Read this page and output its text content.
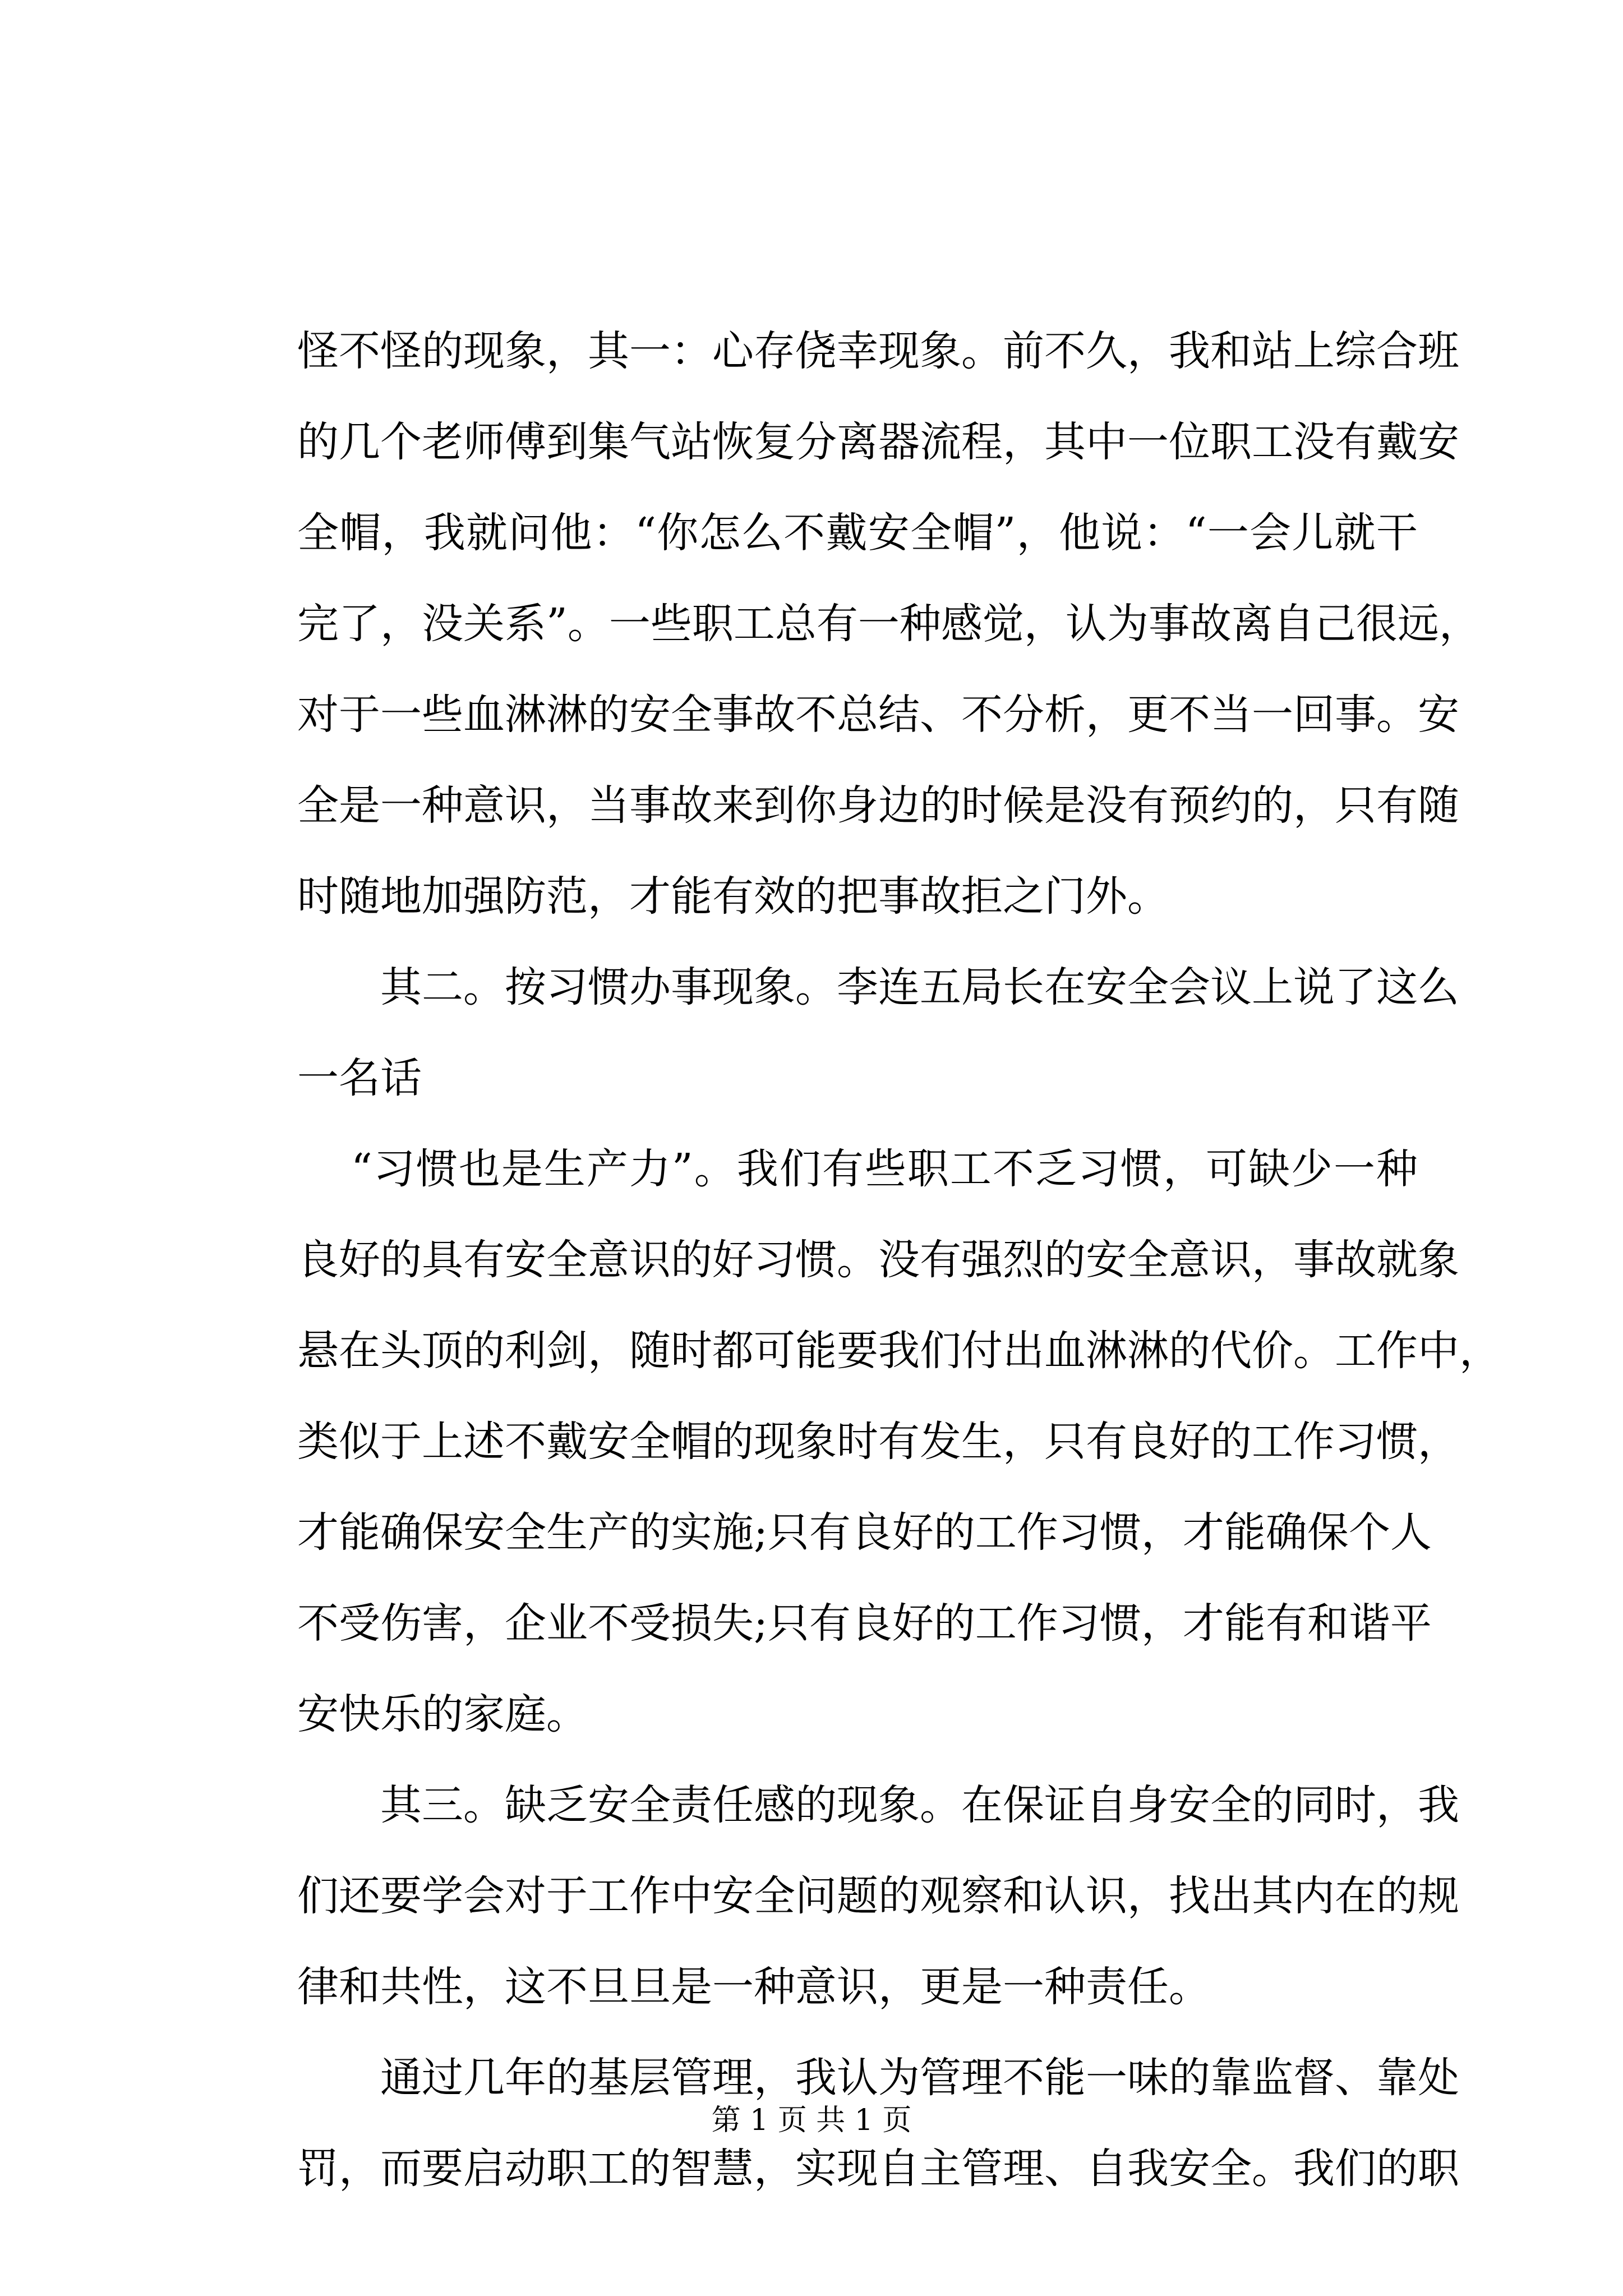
怪不怪的现象，其一：心存侥幸现象。前不久，我和站上综合班
的几个老师傅到集气站恢复分离器流程，其中一位职工没有戴安
全帽，我就问他：“你怎么不戴安全帽”，他说：“一会儿就干
完了，没关系”。一些职工总有一种感觉，认为事故离自己很远，
对于一些血淋淋的安全事故不总结、不分析，更不当一回事。安
全是一种意识，当事故来到你身边的时候是没有预约的，只有随
时随地加强防范，才能有效的把事故拒之门外。
其二。按习惯办事现象。李连五局长在安全会议上说了这么
一名话
“习惯也是生产力”。我们有些职工不乏习惯，可缺少一种
良好的具有安全意识的好习惯。没有强烈的安全意识，事故就象
悬在头顶的利剑，随时都可能要我们付出血淋淋的代价。工作中，
类似于上述不戴安全帽的现象时有发生，只有良好的工作习惯，
才能确保安全生产的实施;只有良好的工作习惯，才能确保个人
不受伤害，企业不受损失;只有良好的工作习惯，才能有和谐平
安快乐的家庭。
其三。缺乏安全责任感的现象。在保证自身安全的同时，我
们还要学会对于工作中安全问题的观察和认识，找出其内在的规
律和共性，这不旦旦是一种意识，更是一种责任。
通过几年的基层管理，我认为管理不能一味的靠监督、靠处
罚，而要启动职工的智慧，实现自主管理、自我安全。我们的职
第 1 页 共 1 页
